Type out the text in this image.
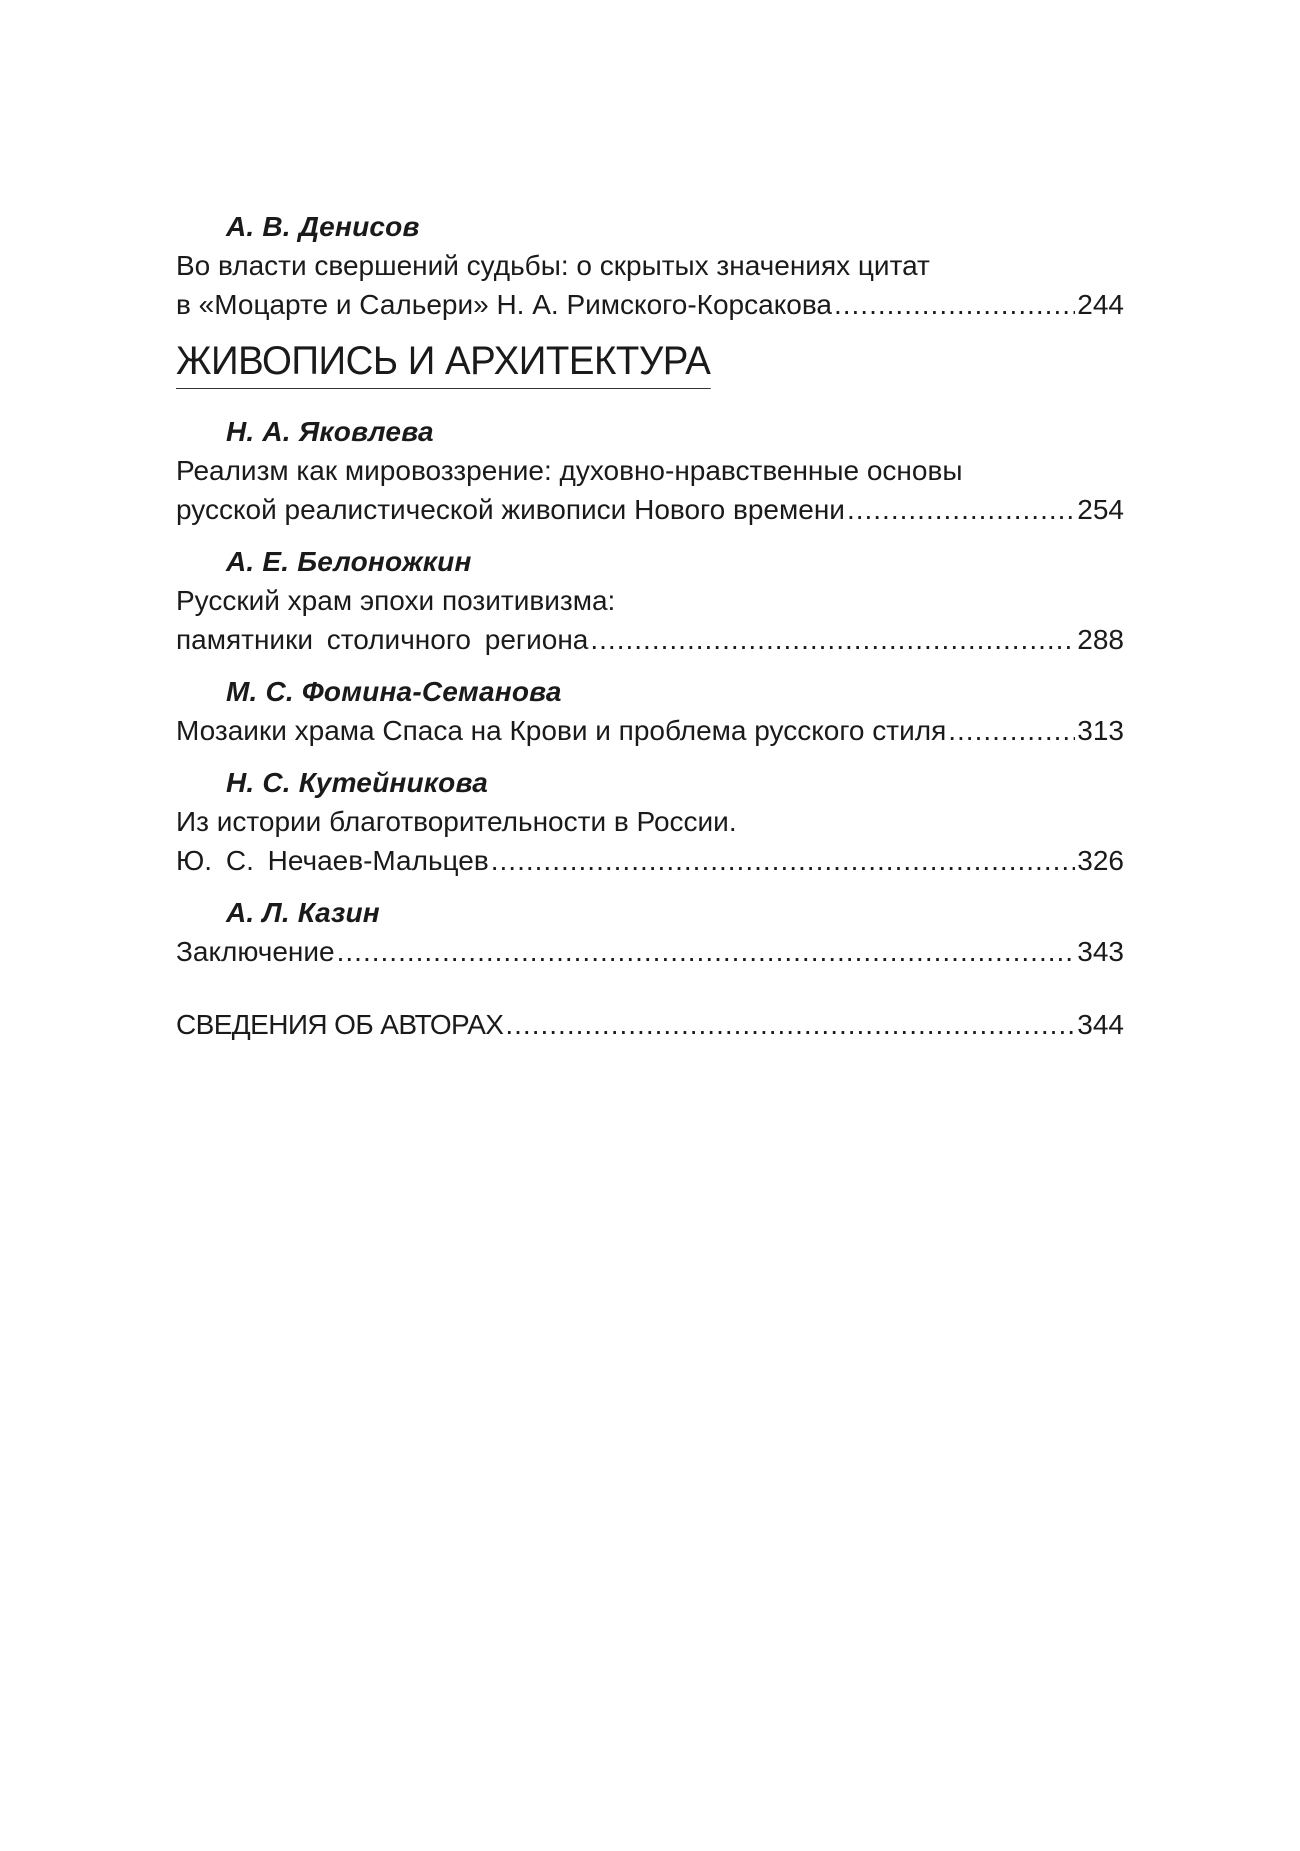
А. В. Денисов
Во власти свершений судьбы: о скрытых значениях цитат
в «Моцарте и Сальери» Н. А. Римского-Корсакова .....	244
ЖИВОПИСЬ И АРХИТЕКТУРА
Н. А. Яковлева
Реализм как мировоззрение: духовно-нравственные основы
русской реалистической живописи Нового времени .....	254
А. Е. Белоножкин
Русский храм эпохи позитивизма:
памятники столичного региона .....	288
М. С. Фомина-Семанова
Мозаики храма Спаса на Крови и проблема русского стиля .....	313
Н. С. Кутейникова
Из истории благотворительности в России.
Ю. С. Нечаев-Мальцев .....	326
А. Л. Казин
Заключение .....	343
СВЕДЕНИЯ ОБ АВТОРАХ .....	344
